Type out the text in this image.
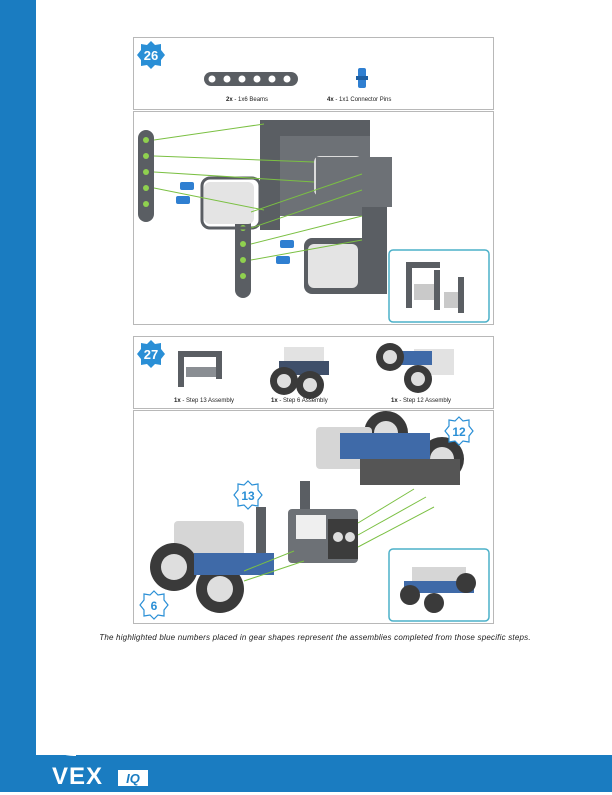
26
2x - 1x6 Beams	4x - 1x1 Connector Pins
27
1x - Step 13 Assembly	1x - Step 6 Assembly	1x - Step 12 Assembly
12
13
6
The highlighted blue numbers placed in gear shapes represent the assemblies completed from those specific steps.
VEX IQ
